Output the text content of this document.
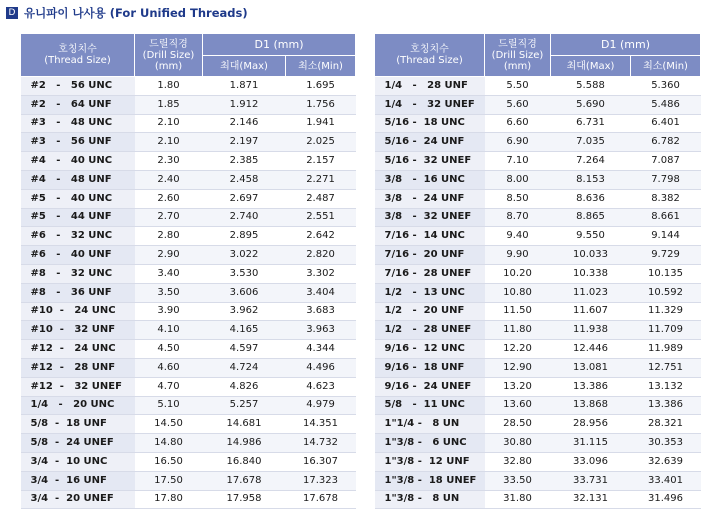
D 유니파이 나사용 (For Unified Threads)
호칭치수
(Thread Size)	드릴직경
(Drill Size)
(mm)	D1 (mm)	
		최대(Max)	최소(Min)
#2   -   56 UNC	1.80	1.871	1.695
#2   -   64 UNF	1.85	1.912	1.756
#3   -   48 UNC	2.10	2.146	1.941
#3   -   56 UNF	2.10	2.197	2.025
#4   -   40 UNC	2.30	2.385	2.157
#4   -   48 UNF	2.40	2.458	2.271
#5   -   40 UNC	2.60	2.697	2.487
#5   -   44 UNF	2.70	2.740	2.551
#6   -   32 UNC	2.80	2.895	2.642
#6   -   40 UNF	2.90	3.022	2.820
#8   -   32 UNC	3.40	3.530	3.302
#8   -   36 UNF	3.50	3.606	3.404
#10  -   24 UNC	3.90	3.962	3.683
#10  -   32 UNF	4.10	4.165	3.963
#12  -   24 UNC	4.50	4.597	4.344
#12  -   28 UNF	4.60	4.724	4.496
#12  -   32 UNEF	4.70	4.826	4.623
1/4   -   20 UNC	5.10	5.257	4.979
5/8  -  18 UNF	14.50	14.681	14.351
5/8  -  24 UNEF	14.80	14.986	14.732
3/4  -  10 UNC	16.50	16.840	16.307
3/4  -  16 UNF	17.50	17.678	17.323
3/4  -  20 UNEF	17.80	17.958	17.678
호칭치수
(Thread Size)	드릴직경
(Drill Size)
(mm)	D1 (mm)	
		최대(Max)	최소(Min)
1/4   -   28 UNF	5.50	5.588	5.360
1/4   -   32 UNEF	5.60	5.690	5.486
5/16 -  18 UNC	6.60	6.731	6.401
5/16 -  24 UNF	6.90	7.035	6.782
5/16 -  32 UNEF	7.10	7.264	7.087
3/8   -  16 UNC	8.00	8.153	7.798
3/8   -  24 UNF	8.50	8.636	8.382
3/8   -  32 UNEF	8.70	8.865	8.661
7/16 -  14 UNC	9.40	9.550	9.144
7/16 -  20 UNF	9.90	10.033	9.729
7/16 -  28 UNEF	10.20	10.338	10.135
1/2   -  13 UNC	10.80	11.023	10.592
1/2   -  20 UNF	11.50	11.607	11.329
1/2   -  28 UNEF	11.80	11.938	11.709
9/16 -  12 UNC	12.20	12.446	11.989
9/16 -  18 UNF	12.90	13.081	12.751
9/16 -  24 UNEF	13.20	13.386	13.132
5/8   -  11 UNC	13.60	13.868	13.386
1"1/4 -   8 UN	28.50	28.956	28.321
1"3/8 -   6 UNC	30.80	31.115	30.353
1"3/8 -  12 UNF	32.80	33.096	32.639
1"3/8 -  18 UNEF	33.50	33.731	33.401
1"3/8 -   8 UN	31.80	32.131	31.496
